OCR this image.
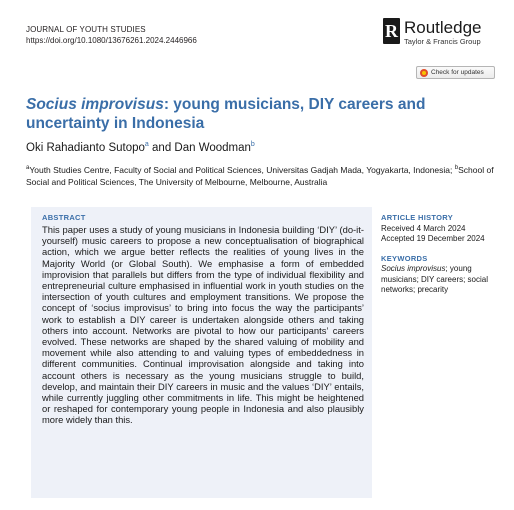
JOURNAL OF YOUTH STUDIES
https://doi.org/10.1080/13676261.2024.2446966	R Routledge
Taylor & Francis Group
Check for updates
Socius improvisus: young musicians, DIY careers and uncertainty in Indonesia
Oki Rahadianto Sutopo$^a$ and Dan Woodman$^b$
$^a$Youth Studies Centre, Faculty of Social and Political Sciences, Universitas Gadjah Mada, Yogyakarta, Indonesia; $^b$School of Social and Political Sciences, The University of Melbourne, Melbourne, Australia
ABSTRACT
This paper uses a study of young musicians in Indonesia building ‘DIY’ (do-it-yourself) music careers to propose a new conceptualisation of biographical action, which we argue better reflects the realities of young lives in the Majority World (or Global South). We emphasise a form of embedded improvision that parallels but differs from the type of individual flexibility and entrepreneurial culture emphasised in influential work in youth studies on the intersection of youth cultures and employment transitions. We propose the concept of ‘socius improvisus’ to bring into focus the way the participants’ work to establish a DIY career is undertaken alongside others and taking others into account. Networks are pivotal to how our participants’ careers evolved. These networks are shaped by the shared valuing of mobility and movement while also attending to and valuing types of embeddedness in different communities. Continual improvisation alongside and taking into account others is necessary as the young musicians struggle to build, develop, and maintain their DIY careers in music and the values ‘DIY’ entails, while currently juggling other commitments in life. This might be heightened or reshaped for contemporary young people in Indonesia and also plausibly more widely than this.
ARTICLE HISTORY
Received 4 March 2024
Accepted 19 December 2024
KEYWORDS
Socius improvisus; young musicians; DIY careers; social networks; precarity
